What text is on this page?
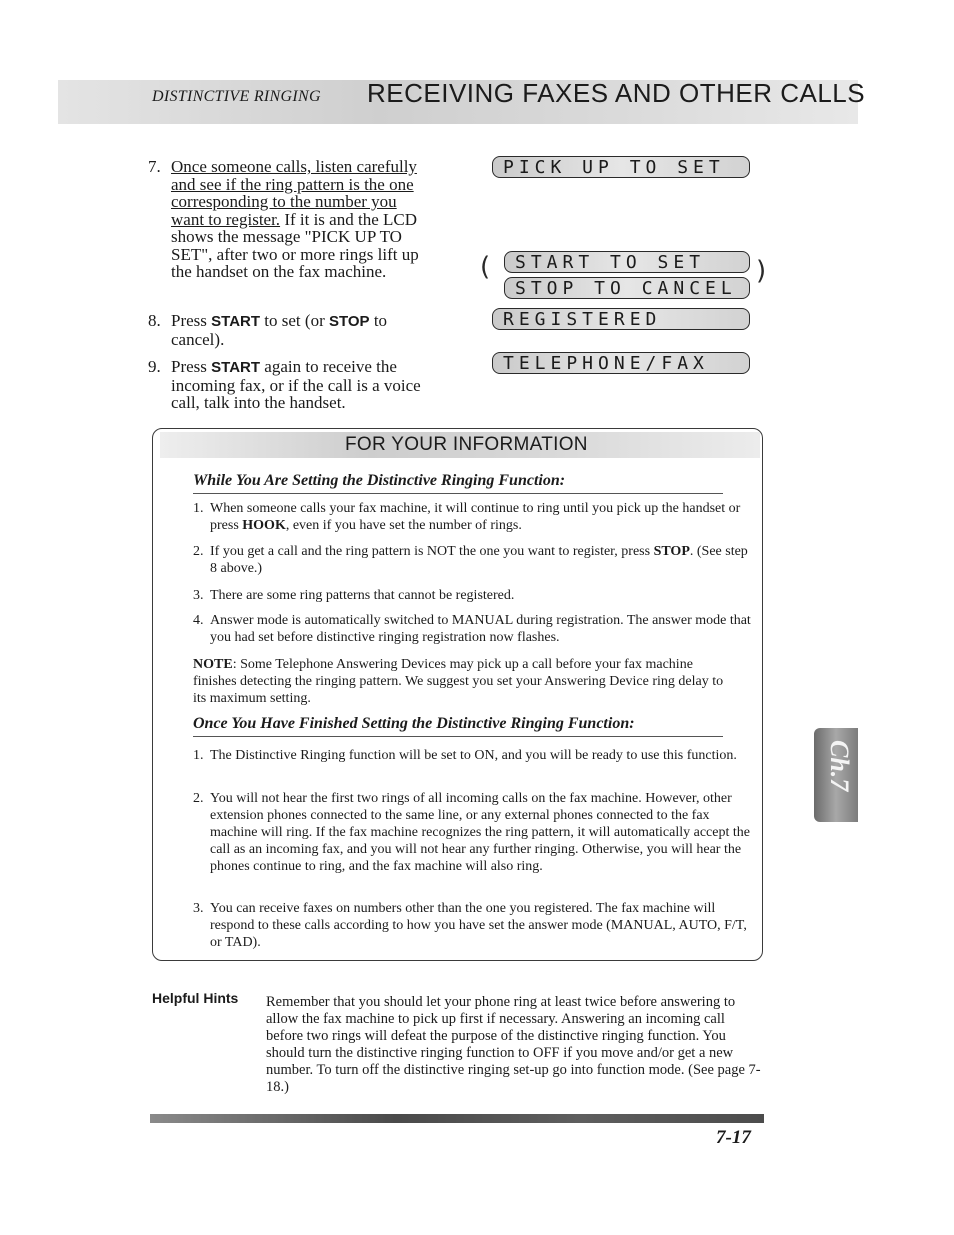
DISTINCTIVE RINGING RECEIVING FAXES AND OTHER CALLS
7. Once someone calls, listen carefully and see if the ring pattern is the one corresponding to the number you want to register. If it is and the LCD shows the message "PICK UP TO SET", after two or more rings lift up the handset on the fax machine.
8. Press START to set (or STOP to cancel).
9. Press START again to receive the incoming fax, or if the call is a voice call, talk into the handset.
PICK UP TO SET
START TO SET
STOP TO CANCEL
(	)
REGISTERED
TELEPHONE/FAX
FOR YOUR INFORMATION
While You Are Setting the Distinctive Ringing Function:
1. When someone calls your fax machine, it will continue to ring until you pick up the handset or press HOOK, even if you have set the number of rings.
2. If you get a call and the ring pattern is NOT the one you want to register, press STOP. (See step 8 above.)
3. There are some ring patterns that cannot be registered.
4. Answer mode is automatically switched to MANUAL during registration. The answer mode that you had set before distinctive ringing registration now flashes.
NOTE: Some Telephone Answering Devices may pick up a call before your fax machine finishes detecting the ringing pattern. We suggest you set your Answering Device ring delay to its maximum setting.
Once You Have Finished Setting the Distinctive Ringing Function:
1. The Distinctive Ringing function will be set to ON, and you will be ready to use this function.
2. You will not hear the first two rings of all incoming calls on the fax machine. However, other extension phones connected to the same line, or any external phones connected to the fax machine will ring. If the fax machine recognizes the ring pattern, it will automatically accept the call as an incoming fax, and you will not hear any further ringing. Otherwise, you will hear the phones continue to ring, and the fax machine will also ring.
3. You can receive faxes on numbers other than the one you registered. The fax machine will respond to these calls according to how you have set the answer mode (MANUAL, AUTO, F/T, or TAD).
Ch.7
Helpful Hints Remember that you should let your phone ring at least twice before answering to allow the fax machine to pick up first if necessary. Answering an incoming call before two rings will defeat the purpose of the distinctive ringing function. You should turn the distinctive ringing function to OFF if you move and/or get a new number. To turn off the distinctive ringing set-up go into function mode. (See page 7-18.)
7-17
